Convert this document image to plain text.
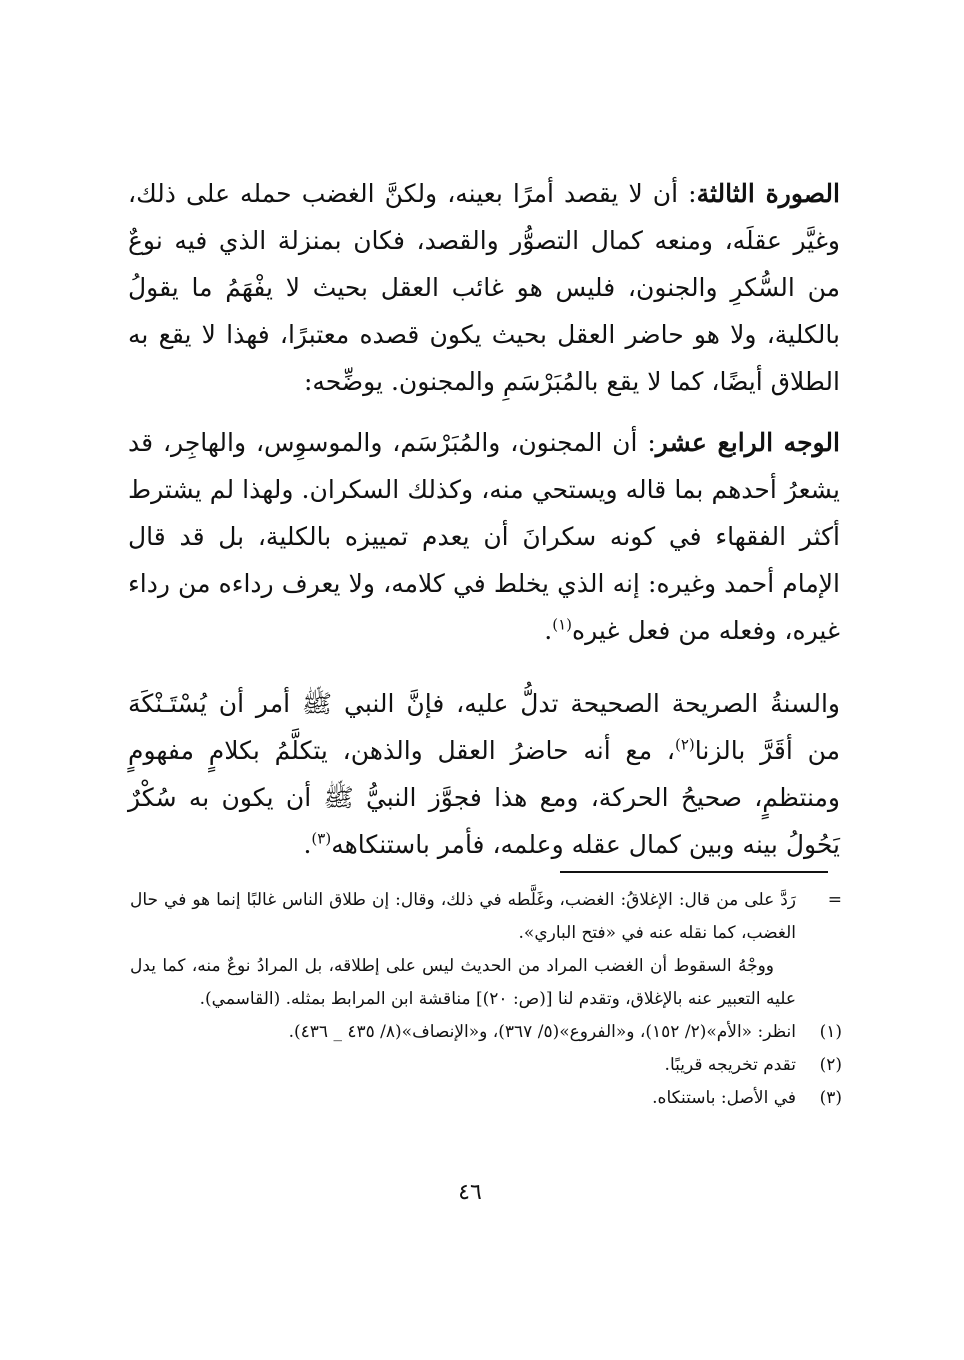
الصورة الثالثة: أن لا يقصد أمرًا بعينه، ولكنَّ الغضب حمله على ذلك، وغيَّر عقلَه، ومنعه كمال التصوُّر والقصد، فكان بمنزلة الذي فيه نوعٌ من السُّكرِ والجنون، فليس هو غائب العقل بحيث لا يفْهَمُ ما يقولُ بالكلية، ولا هو حاضر العقل بحيث يكون قصده معتبرًا، فهذا لا يقع به الطلاق أيضًا، كما لا يقع بالمُبَرْسَمِ والمجنون. يوضِّحه:

الوجه الرابع عشر: أن المجنون، والمُبَرْسَم، والموسوِس، والهاجِر، قد يشعرُ أحدهم بما قاله ويستحي منه، وكذلك السكران. ولهذا لم يشترط أكثر الفقهاء في كونه سكرانَ أن يعدم تمييزه بالكلية، بل قد قال الإمام أحمد وغيره: إنه الذي يخلط في كلامه، ولا يعرف رداءه من رداء غيره، وفعله من فعل غيره$^{(١)}$.

والسنةُ الصريحة الصحيحة تدلُّ عليه، فإنَّ النبي ﷺ أمر أن يُسْتَـنْكَهَ من أقَرَّ بالزنا$^{(٢)}$، مع أنه حاضرُ العقل والذهن، يتكلَّمُ بكلامٍ مفهومٍ ومنتظمٍ، صحيحُ الحركة، ومع هذا فجوَّز النبيُّ ﷺ أن يكون به سُكْرٌ يَحُولُ بينه وبين كمال عقله وعلمه، فأمر باستنكاهه$^{(٣)}$.

=

رَدَّ على من قال: الإغلاقُ: الغضب، وغَلَّطه في ذلك، وقال: إن طلاق الناس غالبًا إنما هو في حال الغضب، كما نقله عنه في «فتح الباري».

ووجْهُ السقوط أن الغضب المراد من الحديث ليس على إطلاقه، بل المرادُ نوعٌ منه، كما يدل عليه التعبير عنه بالإغلاق، وتقدم لنا [(ص: ٢٠)] مناقشة ابن المرابط بمثله. (القاسمي).

(١)
انظر: «الأم»(٢/ ١٥٢)، و«الفروع»(٥/ ٣٦٧)، و«الإنصاف»(٨/ ٤٣٥ _ ٤٣٦).
(٢)
تقدم تخريجه قريبًا.
(٣)
في الأصل: باستنكاه.
٤٦
